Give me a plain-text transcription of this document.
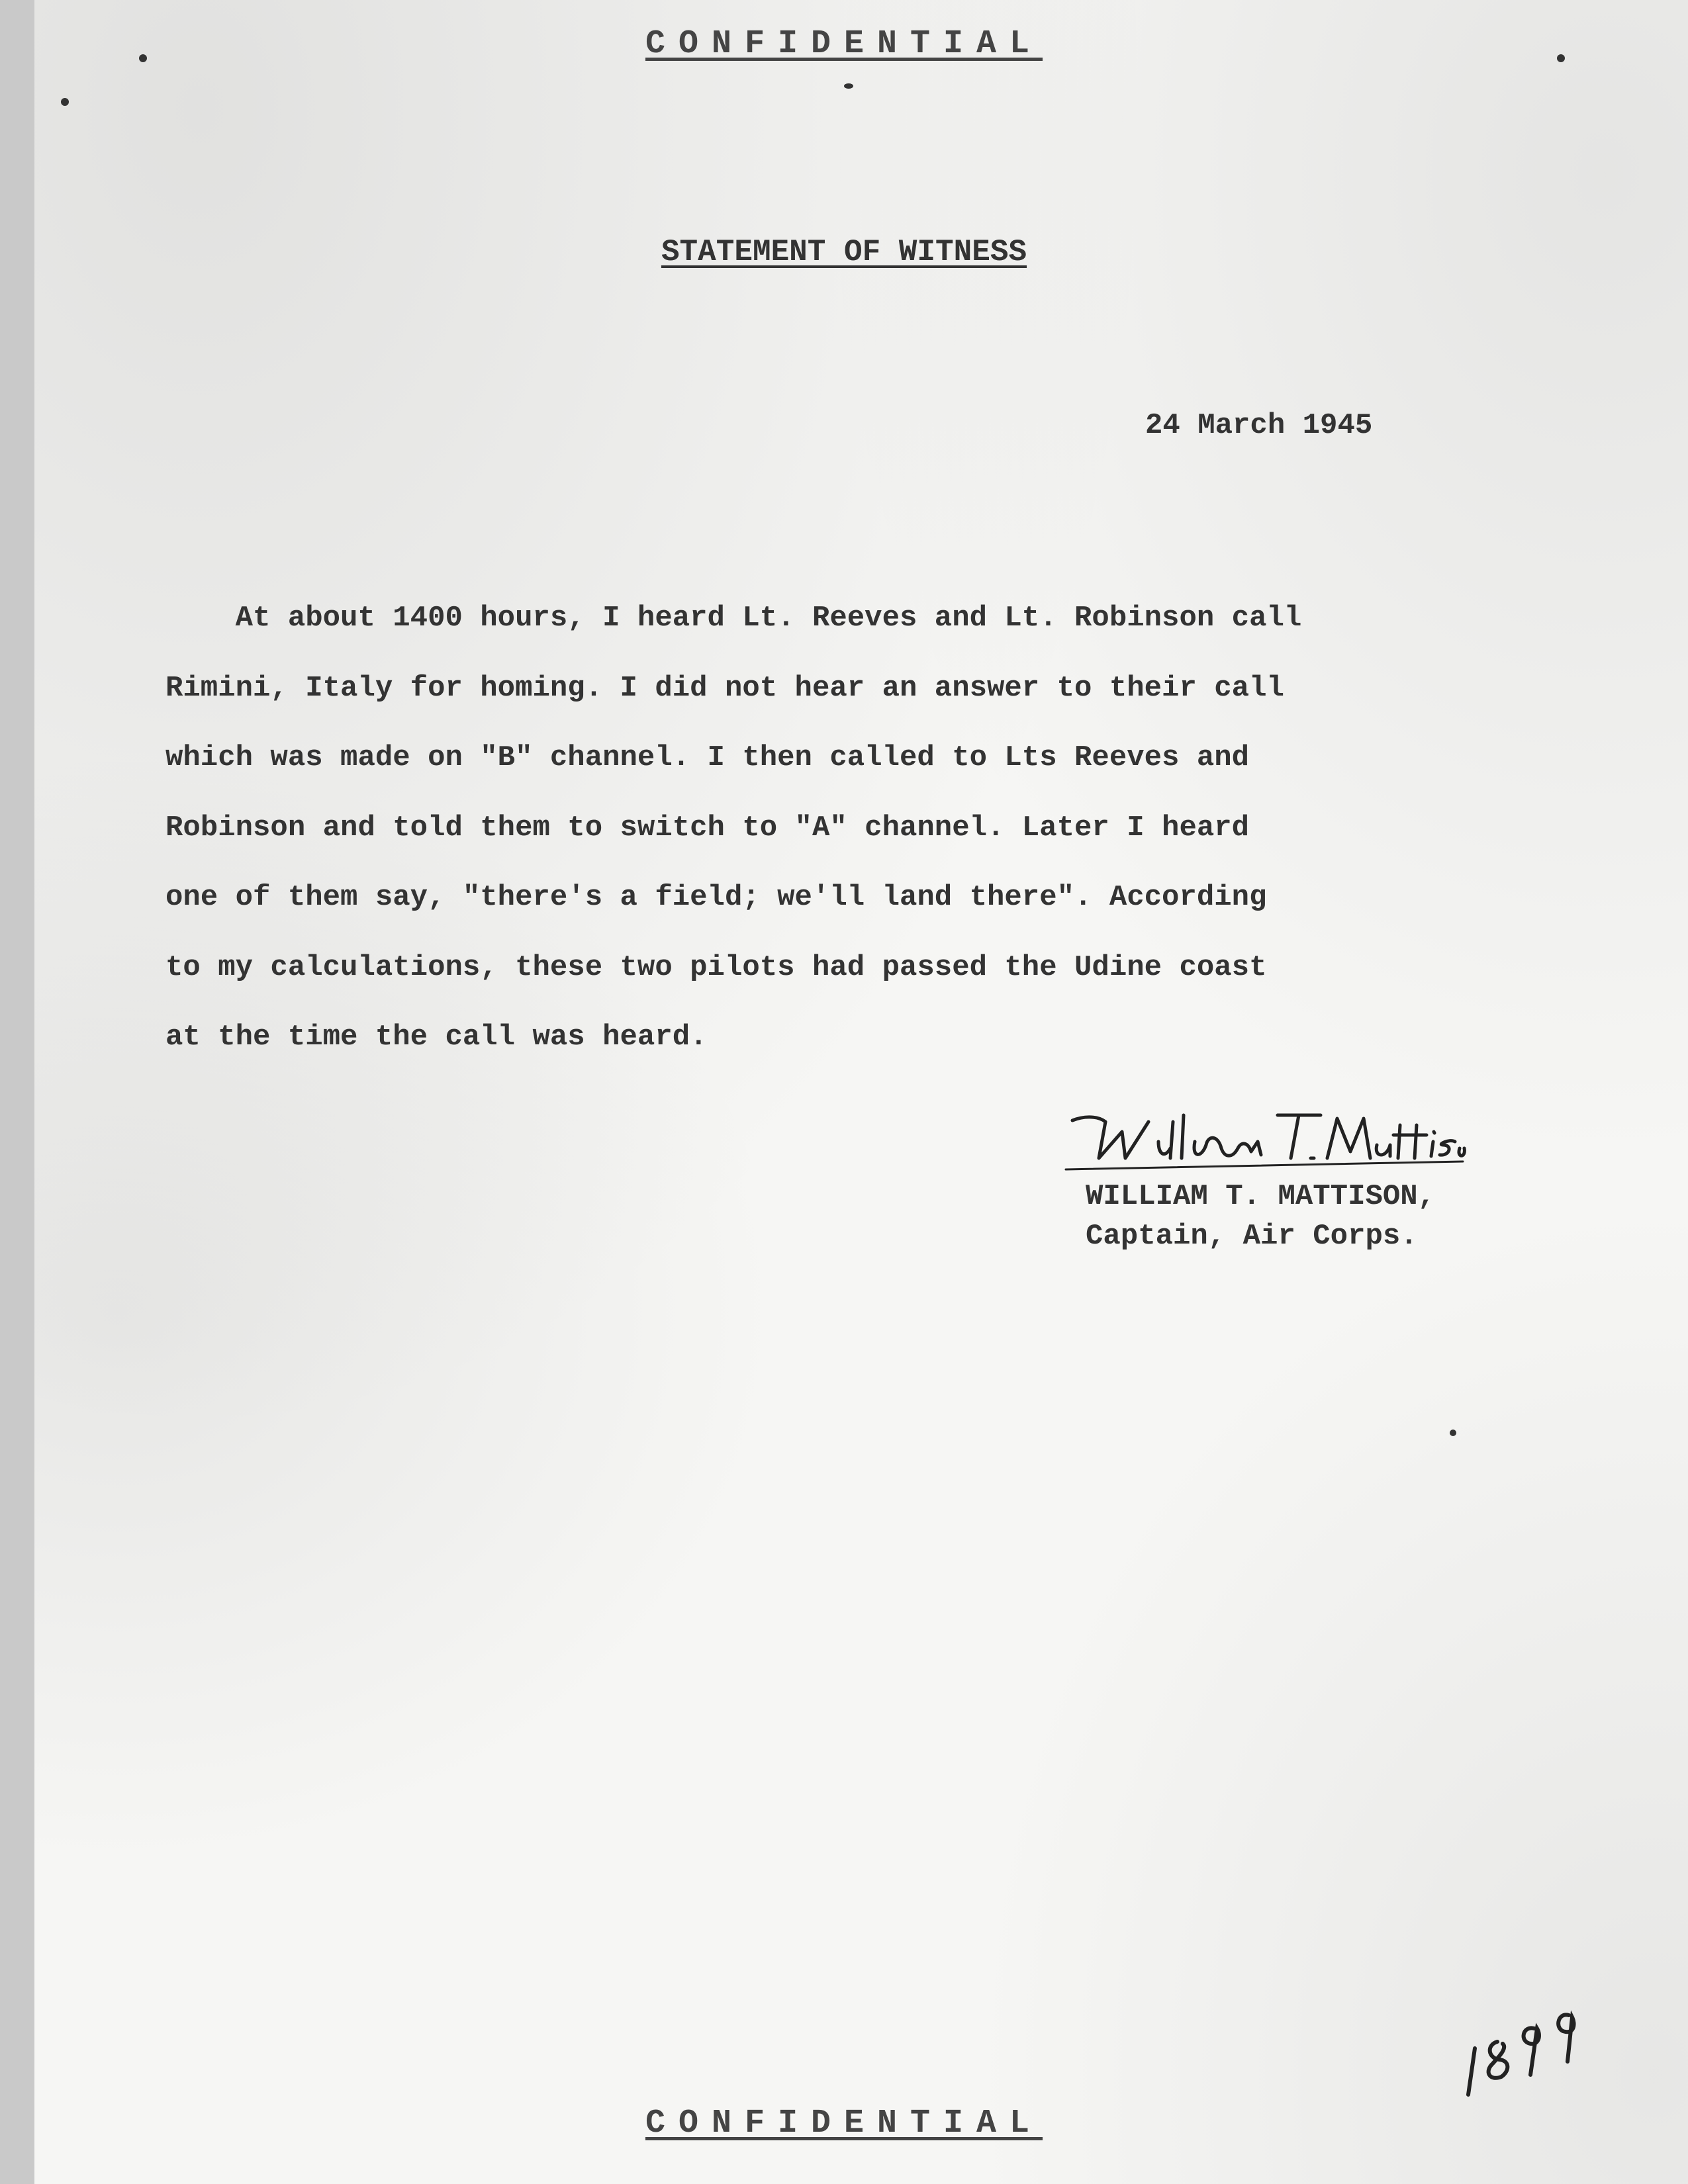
CONFIDENTIAL
STATEMENT OF WITNESS
24 March 1945
At about 1400 hours, I heard Lt. Reeves and Lt. Robinson call
Rimini, Italy for homing. I did not hear an answer to their call
which was made on "B" channel. I then called to Lts Reeves and
Robinson and told them to switch to "A" channel. Later I heard
one of them say, "there's a field; we'll land there". According
to my calculations, these two pilots had passed the Udine coast
at the time the call was heard.
WILLIAM T. MATTISON,
Captain, Air Corps.
CONFIDENTIAL
